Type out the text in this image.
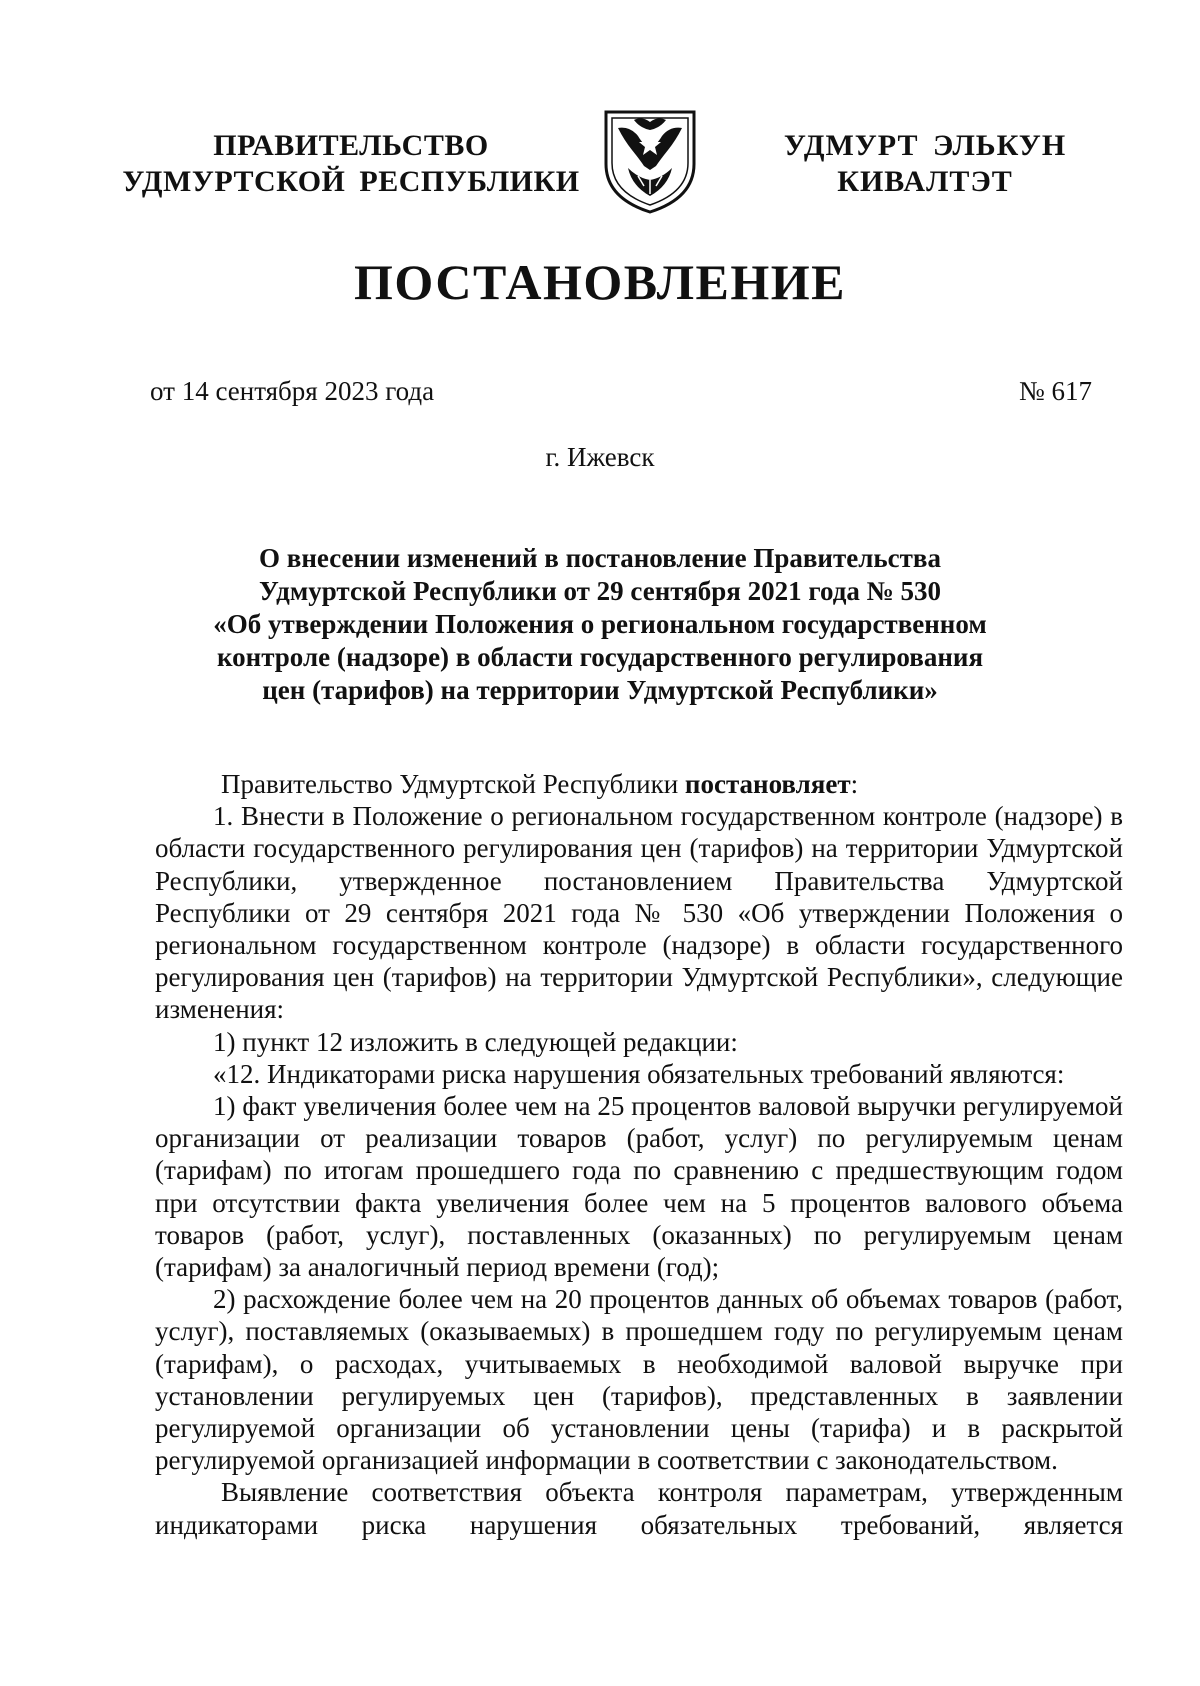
ПРАВИТЕЛЬСТВО
УДМУРТСКОЙ РЕСПУБЛИКИ
УДМУРТ ЭЛЬКУН
КИВАЛТЭТ
ПОСТАНОВЛЕНИЕ
от 14 сентября 2023 года	№ 617
г. Ижевск
О внесении изменений в постановление Правительства
Удмуртской Республики от 29 сентября 2021 года № 530
«Об утверждении Положения о региональном государственном
контроле (надзоре) в области государственного регулирования
цен (тарифов) на территории Удмуртской Республики»

Правительство Удмуртской Республики постановляет:

1. Внести в Положение о региональном государственном контроле (надзоре) в области государственного регулирования цен (тарифов) на территории Удмуртской Республики, утвержденное постановлением Правительства Удмуртской Республики от 29 сентября 2021 года № 530 «Об утверждении Положения о региональном государственном контроле (надзоре) в области государственного регулирования цен (тарифов) на территории Удмуртской Республики», следующие изменения:

1) пункт 12 изложить в следующей редакции:

«12. Индикаторами риска нарушения обязательных требований являются:

1) факт увеличения более чем на 25 процентов валовой выручки регулируемой организации от реализации товаров (работ, услуг) по регулируемым ценам (тарифам) по итогам прошедшего года по сравнению с предшествующим годом при отсутствии факта увеличения более чем на 5 процентов валового объема товаров (работ, услуг), поставленных (оказанных) по регулируемым ценам (тарифам) за аналогичный период времени (год);

2) расхождение более чем на 20 процентов данных об объемах товаров (работ, услуг), поставляемых (оказываемых) в прошедшем году по регулируемым ценам (тарифам), о расходах, учитываемых в необходимой валовой выручке при установлении регулируемых цен (тарифов), представленных в заявлении регулируемой организации об установлении цены (тарифа) и в раскрытой регулируемой организацией информации в соответствии с законодательством.

Выявление соответствия объекта контроля параметрам, утвержденным индикаторами риска нарушения обязательных требований, является
